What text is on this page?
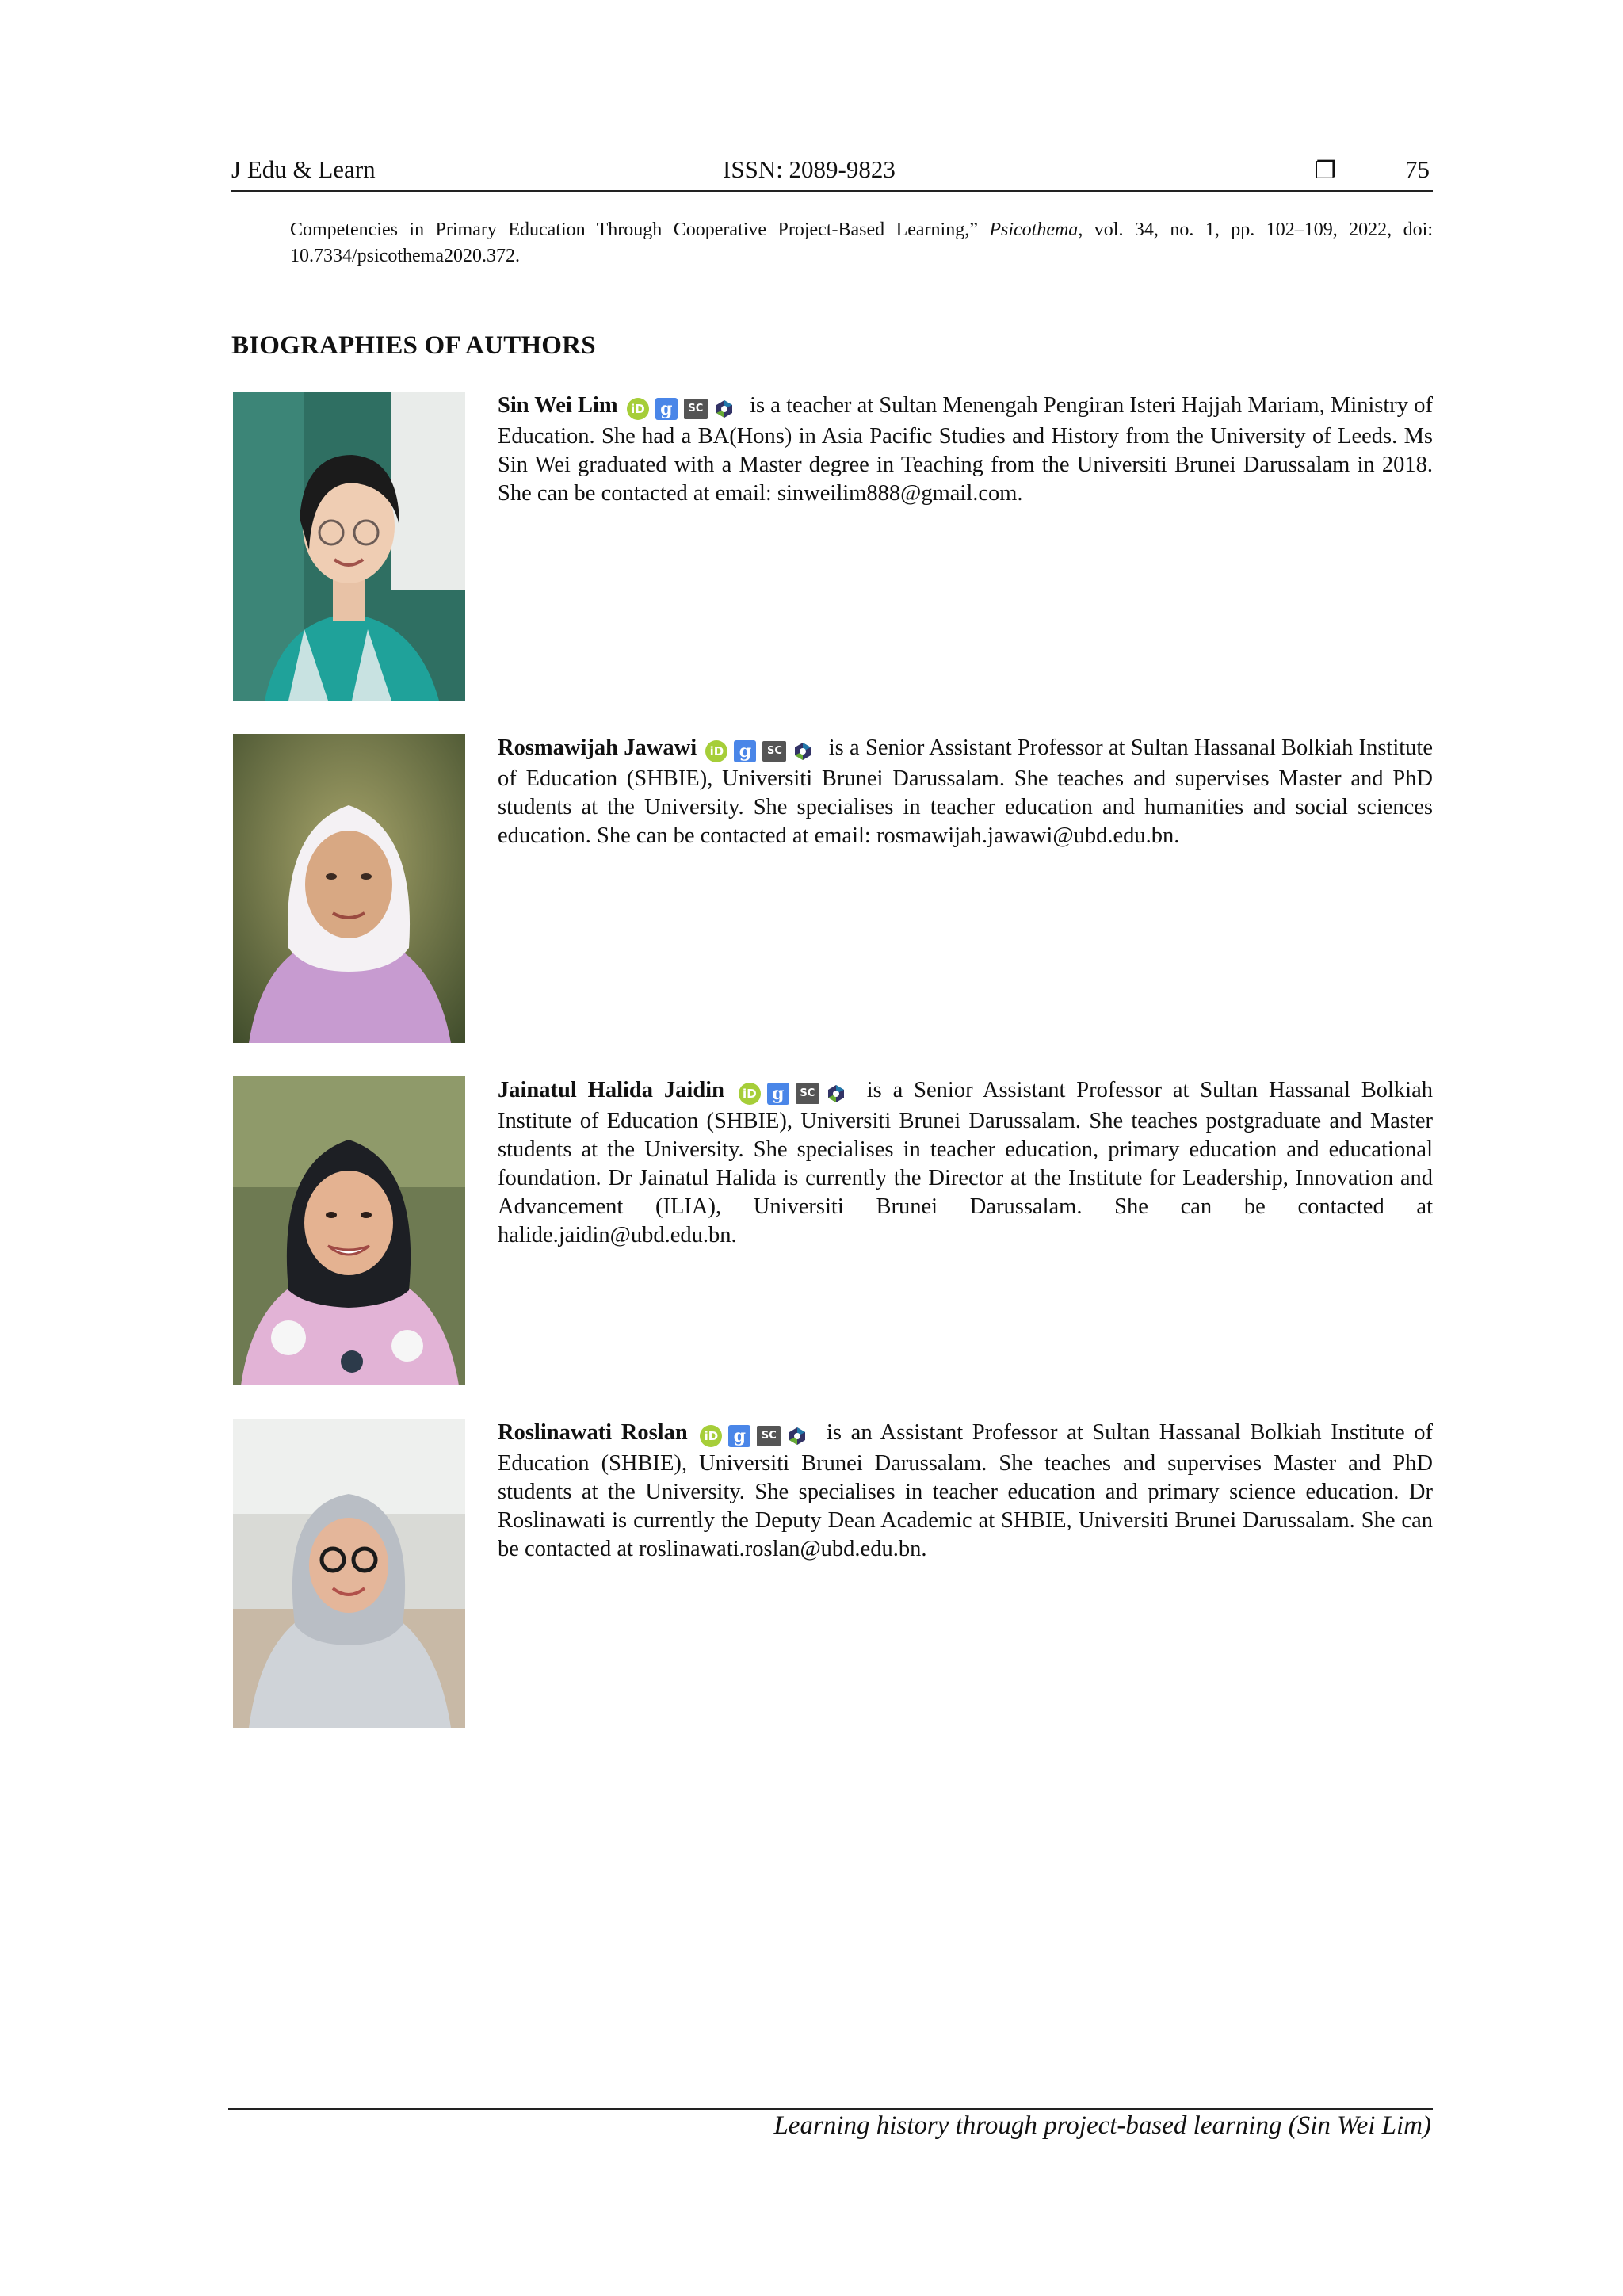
J Edu & Learn	ISSN: 2089-9823	❐	75
Competencies in Primary Education Through Cooperative Project-Based Learning,” Psicothema, vol. 34, no. 1, pp. 102–109, 2022, doi: 10.7334/psicothema2020.372.
BIOGRAPHIES OF AUTHORS
Sin Wei Lim iD g SC is a teacher at Sultan Menengah Pengiran Isteri Hajjah Mariam, Ministry of Education. She had a BA(Hons) in Asia Pacific Studies and History from the University of Leeds. Ms Sin Wei graduated with a Master degree in Teaching from the Universiti Brunei Darussalam in 2018. She can be contacted at email: sinweilim888@gmail.com.
Rosmawijah Jawawi iD g SC is a Senior Assistant Professor at Sultan Hassanal Bolkiah Institute of Education (SHBIE), Universiti Brunei Darussalam. She teaches and supervises Master and PhD students at the University. She specialises in teacher education and humanities and social sciences education. She can be contacted at email: rosmawijah.jawawi@ubd.edu.bn.
Jainatul Halida Jaidin iD g SC is a Senior Assistant Professor at Sultan Hassanal Bolkiah Institute of Education (SHBIE), Universiti Brunei Darussalam. She teaches postgraduate and Master students at the University. She specialises in teacher education, primary education and educational foundation. Dr Jainatul Halida is currently the Director at the Institute for Leadership, Innovation and Advancement (ILIA), Universiti Brunei Darussalam. She can be contacted at halide.jaidin@ubd.edu.bn.
Roslinawati Roslan iD g SC is an Assistant Professor at Sultan Hassanal Bolkiah Institute of Education (SHBIE), Universiti Brunei Darussalam. She teaches and supervises Master and PhD students at the University. She specialises in teacher education and primary science education. Dr Roslinawati is currently the Deputy Dean Academic at SHBIE, Universiti Brunei Darussalam. She can be contacted at roslinawati.roslan@ubd.edu.bn.
Learning history through project-based learning (Sin Wei Lim)
